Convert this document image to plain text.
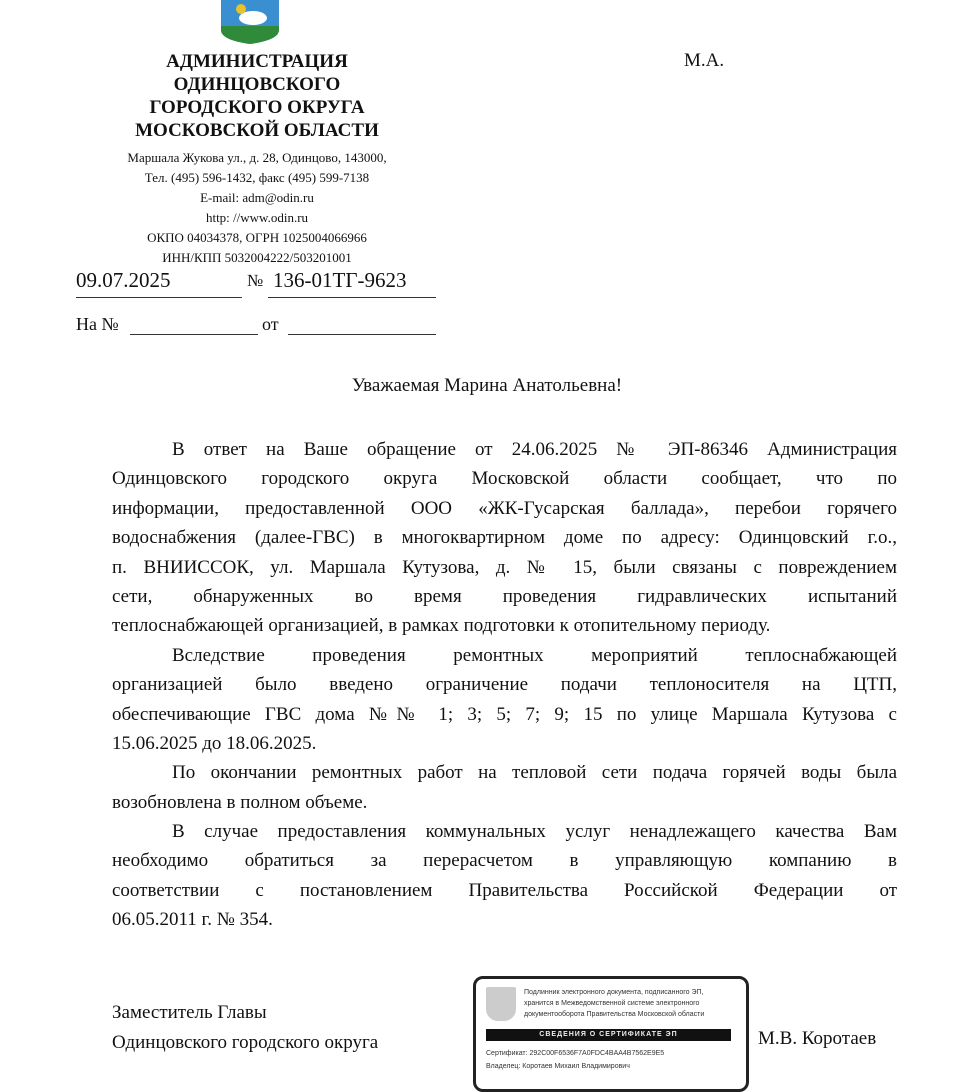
АДМИНИСТРАЦИЯ
ОДИНЦОВСКОГО
ГОРОДСКОГО ОКРУГА
МОСКОВСКОЙ ОБЛАСТИ
Маршала Жукова ул., д. 28, Одинцово, 143000,
Тел. (495) 596-1432, факс (495) 599-7138
E-mail: adm@odin.ru
http: //www.odin.ru
ОКПО 04034378, ОГРН 1025004066966
ИНН/КПП 5032004222/503201001
09.07.2025	№ 136-01ТГ-9623
На №	от
М.А.
Уважаемая Марина Анатольевна!
В ответ на Ваше обращение от 24.06.2025 № ЭП-86346 Администрация
Одинцовского городского округа Московской области сообщает, что по
информации, предоставленной ООО «ЖК-Гусарская баллада», перебои горячего
водоснабжения (далее-ГВС) в многоквартирном доме по адресу: Одинцовский г.о.,
п. ВНИИССОК, ул. Маршала Кутузова, д. № 15, были связаны с повреждением
сети, обнаруженных во время проведения гидравлических испытаний
теплоснабжающей организацией, в рамках подготовки к отопительному периоду.
Вследствие проведения ремонтных мероприятий теплоснабжающей
организацией было введено ограничение подачи теплоносителя на ЦТП,
обеспечивающие ГВС дома №№ 1; 3; 5; 7; 9; 15 по улице Маршала Кутузова с
15.06.2025 до 18.06.2025.
По окончании ремонтных работ на тепловой сети подача горячей воды была
возобновлена в полном объеме.
В случае предоставления коммунальных услуг ненадлежащего качества Вам
необходимо обратиться за перерасчетом в управляющую компанию в
соответствии с постановлением Правительства Российской Федерации от
06.05.2011 г. № 354.
Заместитель Главы
Одинцовского городского округа
Подлинник электронного документа, подписанного ЭП,
хранится в Межведомственной системе электронного
документооборота Правительства Московской области
СВЕДЕНИЯ О СЕРТИФИКАТЕ ЭП
Сертификат: 292C00F6536F7A0FDC4BAA4B7562E9E5
Владелец: Коротаев Михаил Владимирович
М.В. Коротаев
